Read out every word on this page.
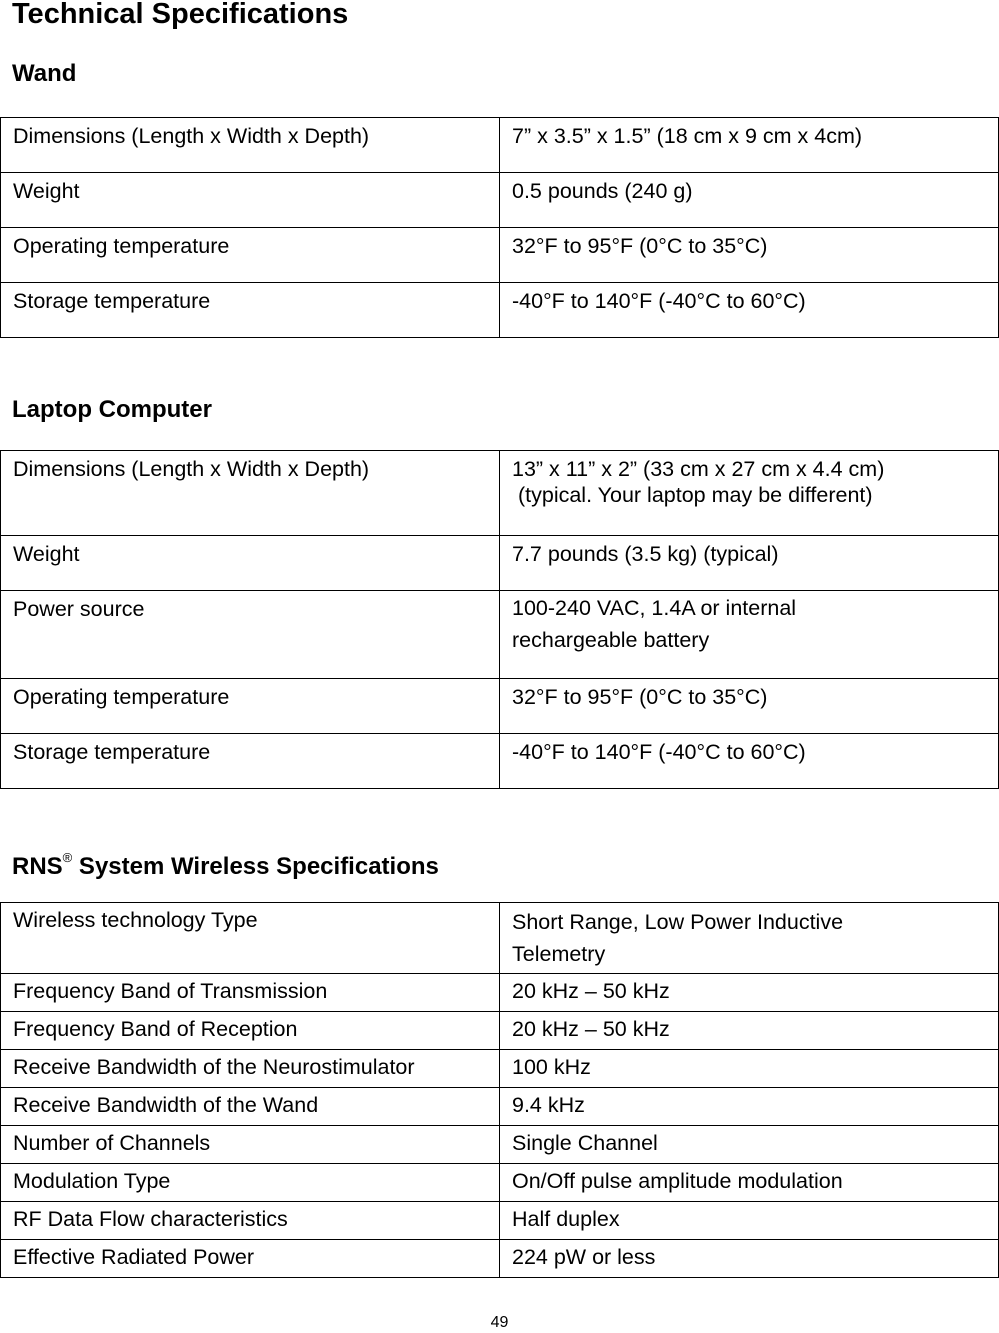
Technical Specifications
Wand
Dimensions (Length x Width x Depth)	7” x 3.5” x 1.5” (18 cm x 9 cm x 4cm)
Weight	0.5 pounds (240 g)
Operating temperature	32°F to 95°F (0°C to 35°C)
Storage temperature	-40°F to 140°F (-40°C to 60°C)
Laptop Computer
Dimensions (Length x Width x Depth)	13” x 11” x 2” (33 cm x 27 cm x 4.4 cm)
(typical. Your laptop may be different)

Weight	7.7 pounds (3.5 kg) (typical)
Power source	100-240 VAC, 1.4A or internal
rechargeable battery

Operating temperature	32°F to 95°F (0°C to 35°C)
Storage temperature	-40°F to 140°F (-40°C to 60°C)
RNS® System Wireless Specifications
Wireless technology Type	Short Range, Low Power Inductive
Telemetry

Frequency Band of Transmission	20 kHz – 50 kHz
Frequency Band of Reception	20 kHz – 50 kHz
Receive Bandwidth of the Neurostimulator	100 kHz
Receive Bandwidth of the Wand	9.4 kHz
Number of Channels	Single Channel
Modulation Type	On/Off pulse amplitude modulation
RF Data Flow characteristics	Half duplex
Effective Radiated Power	224 pW or less
49
